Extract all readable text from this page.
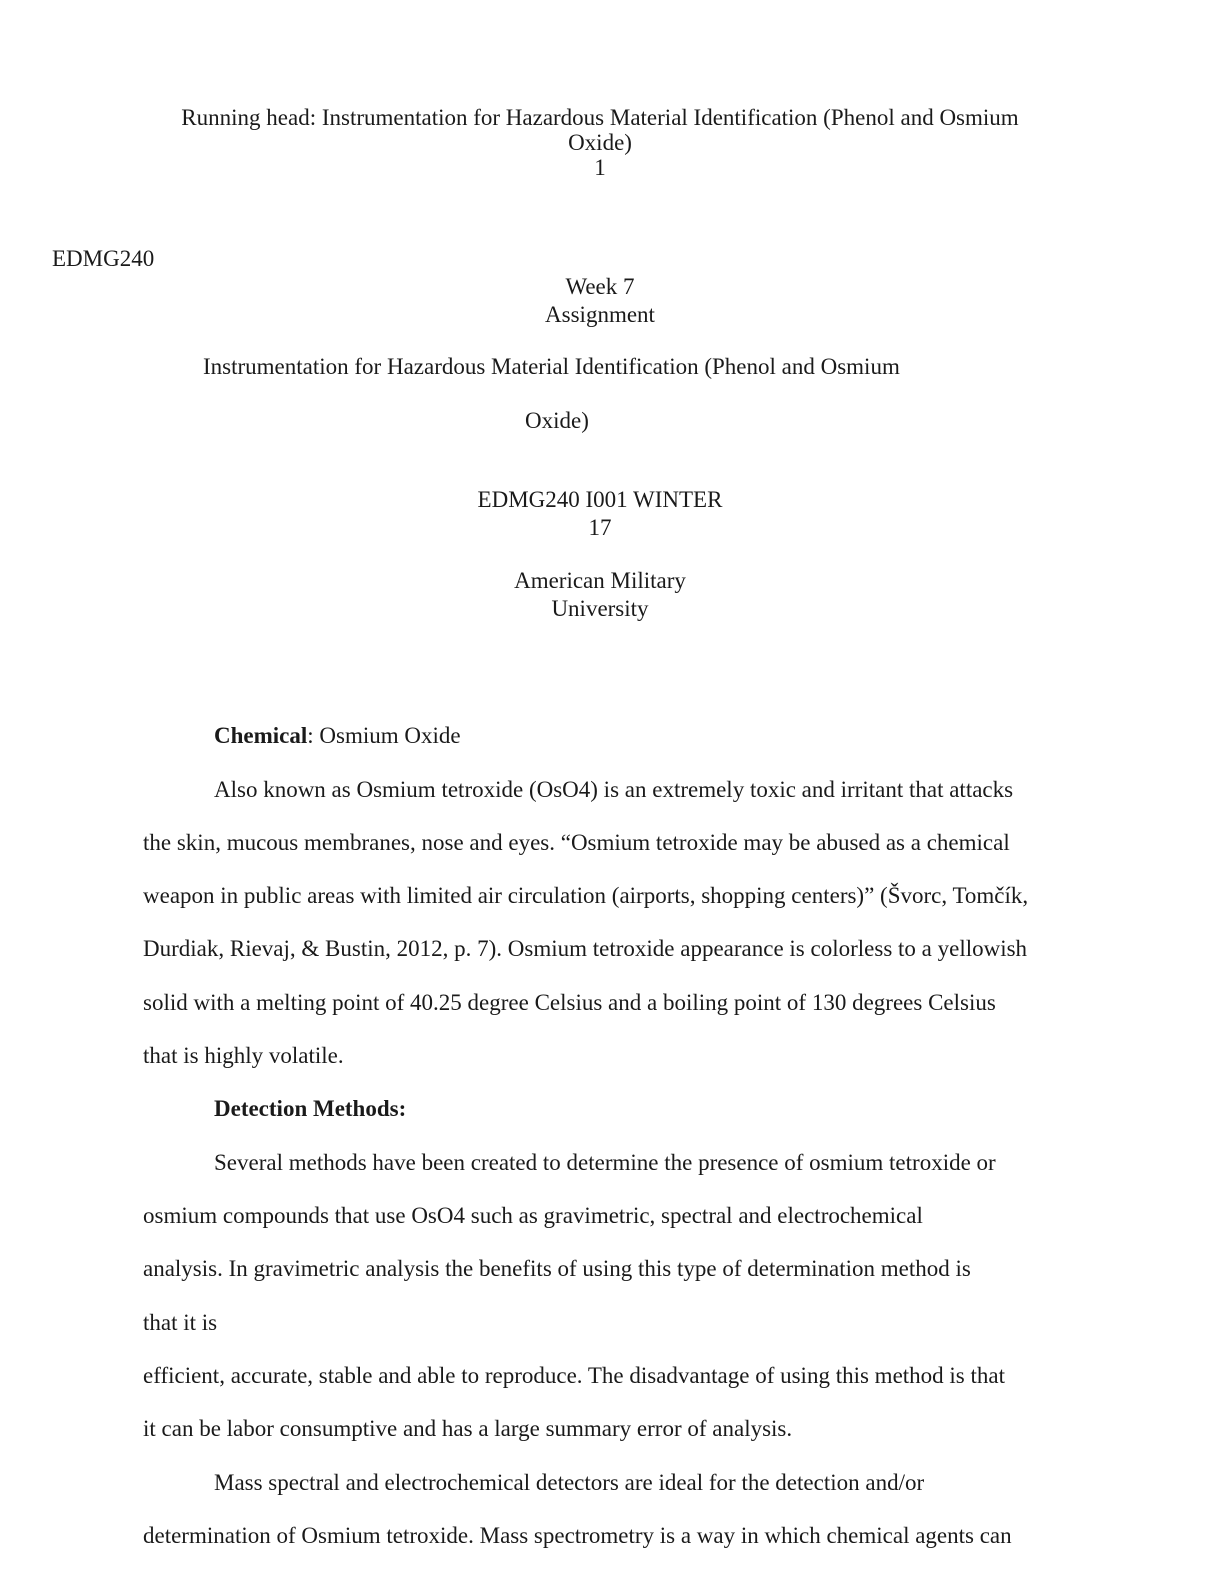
Running head: Instrumentation for Hazardous Material Identification (Phenol and Osmium
Oxide)
1
EDMG240
Week 7
Assignment
Instrumentation for Hazardous Material Identification (Phenol and Osmium
Oxide)
EDMG240 I001 WINTER
17
American Military
University
Chemical: Osmium Oxide
Also known as Osmium tetroxide (OsO4) is an extremely toxic and irritant that attacks
the skin, mucous membranes, nose and eyes. “Osmium tetroxide may be abused as a chemical
weapon in public areas with limited air circulation (airports, shopping centers)” (Švorc, Tomčík,
Durdiak, Rievaj, & Bustin, 2012, p. 7). Osmium tetroxide appearance is colorless to a yellowish
solid with a melting point of 40.25 degree Celsius and a boiling point of 130 degrees Celsius
that is highly volatile.
Detection Methods:
Several methods have been created to determine the presence of osmium tetroxide or
osmium compounds that use OsO4 such as gravimetric, spectral and electrochemical
analysis. In gravimetric analysis the benefits of using this type of determination method is
that it is
efficient, accurate, stable and able to reproduce. The disadvantage of using this method is that
it can be labor consumptive and has a large summary error of analysis.
Mass spectral and electrochemical detectors are ideal for the detection and/or
determination of Osmium tetroxide. Mass spectrometry is a way in which chemical agents can
